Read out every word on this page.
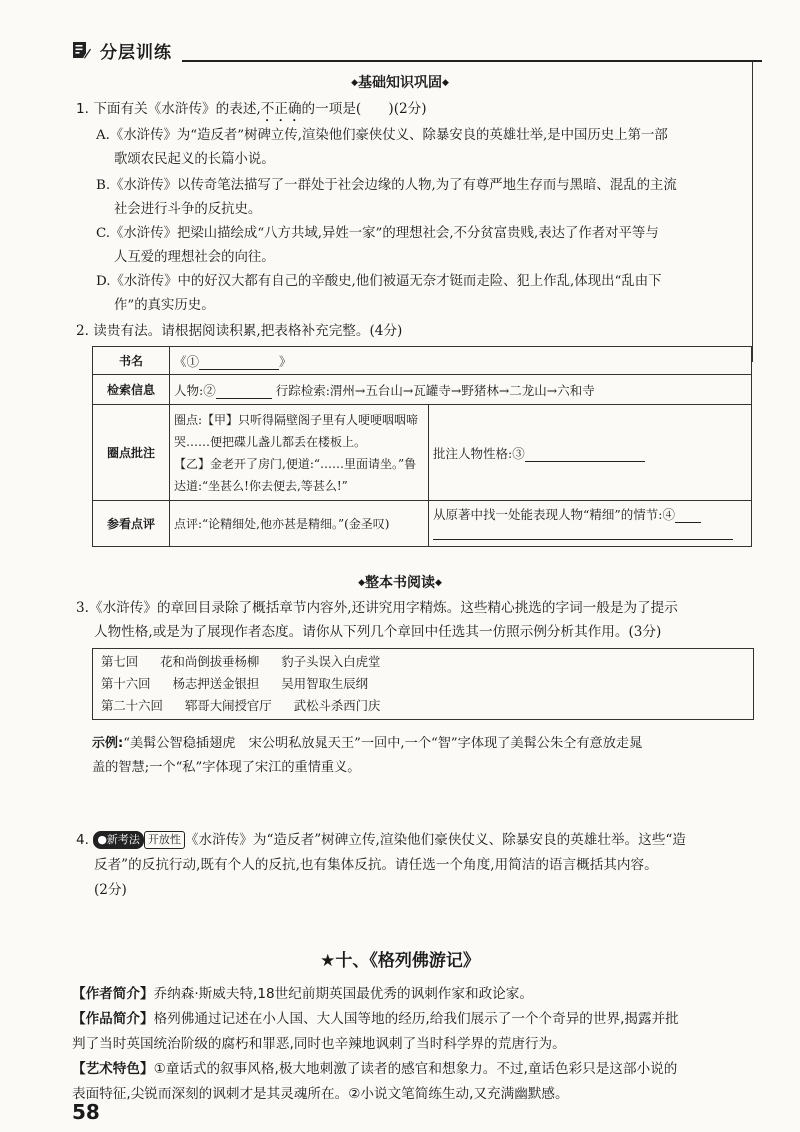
分层训练
◆基础知识巩固◆
1. 下面有关《水浒传》的表述,不正确的一项是(　　)(2分)
A.《水浒传》为“造反者”树碑立传,渲染他们豪侠仗义、除暴安良的英雄壮举,是中国历史上第一部
歌颂农民起义的长篇小说。
B.《水浒传》以传奇笔法描写了一群处于社会边缘的人物,为了有尊严地生存而与黑暗、混乱的主流
社会进行斗争的反抗史。
C.《水浒传》把梁山描绘成“八方共域,异姓一家”的理想社会,不分贫富贵贱,表达了作者对平等与
人互爱的理想社会的向往。
D.《水浒传》中的好汉大都有自己的辛酸史,他们被逼无奈才铤而走险、犯上作乱,体现出“乱由下
作”的真实历史。
2. 读贵有法。请根据阅读积累,把表格补充完整。(4分)
书名	《① 》	
检索信息	人物:② 行踪检索:渭州→五台山→瓦罐寺→野猪林→二龙山→六和寺	
圈点批注	圈点:【甲】只听得隔壁阁子里有人哽哽咽咽啼哭……便把碟儿盏儿都丢在楼板上。
【乙】金老开了房门,便道:“……里面请坐。”鲁达道:“坐甚么!你去便去,等甚么!”	批注人物性格:③
参看点评	点评:“论精细处,他亦甚是精细。”(金圣叹)	从原著中找一处能表现人物“精细”的情节:④
◆整本书阅读◆
3.《水浒传》的章回目录除了概括章节内容外,还讲究用字精炼。这些精心挑选的字词一般是为了提示
人物性格,或是为了展现作者态度。请你从下列几个章回中任选其一仿照示例分析其作用。(3分)
第七回 花和尚倒拔垂杨柳 豹子头误入白虎堂
第十六回 杨志押送金银担 吴用智取生辰纲
第二十六回 郓哥大闹授官厅 武松斗杀西门庆
示例:“美髯公智稳插翅虎　宋公明私放晁天王”一回中,一个“智”字体现了美髯公朱仝有意放走晁
盖的智慧;一个“私”字体现了宋江的重情重义。
4. ●新考法 开放性 《水浒传》为“造反者”树碑立传,渲染他们豪侠仗义、除暴安良的英雄壮举。这些“造
反者”的反抗行动,既有个人的反抗,也有集体反抗。请任选一个角度,用简洁的语言概括其内容。
(2分)
★十、《格列佛游记》
【作者简介】乔纳森·斯威夫特,18世纪前期英国最优秀的讽刺作家和政论家。
【作品简介】格列佛通过记述在小人国、大人国等地的经历,给我们展示了一个个奇异的世界,揭露并批
判了当时英国统治阶级的腐朽和罪恶,同时也辛辣地讽刺了当时科学界的荒唐行为。
【艺术特色】①童话式的叙事风格,极大地刺激了读者的感官和想象力。不过,童话色彩只是这部小说的
表面特征,尖锐而深刻的讽刺才是其灵魂所在。②小说文笔简练生动,又充满幽默感。
58
